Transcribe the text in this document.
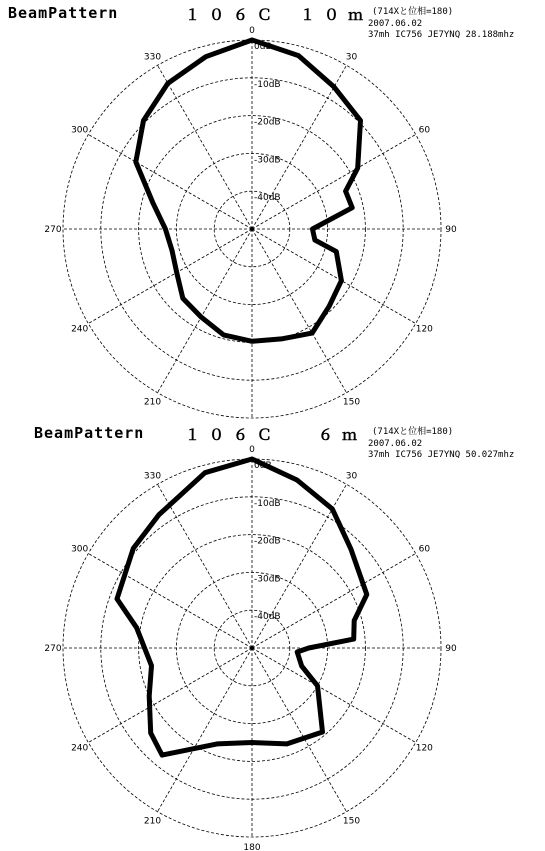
BeamPattern	１０６Ｃ １０ｍ (714Xと位相=180)
2007.06.02
37mh IC756 JE7YNQ 28.188mhz
0
30
60
90
120
150
210
240
270
300
330
0dB
-10dB
-20dB
-30dB
-40dB
BeamPattern	１０６Ｃ ６ｍ (714Xと位相=180)
2007.06.02
37mh IC756 JE7YNQ 50.027mhz
0
30
60
90
120
150
180
210
240
270
300
330
0dB
-10dB
-20dB
-30dB
-40dB
